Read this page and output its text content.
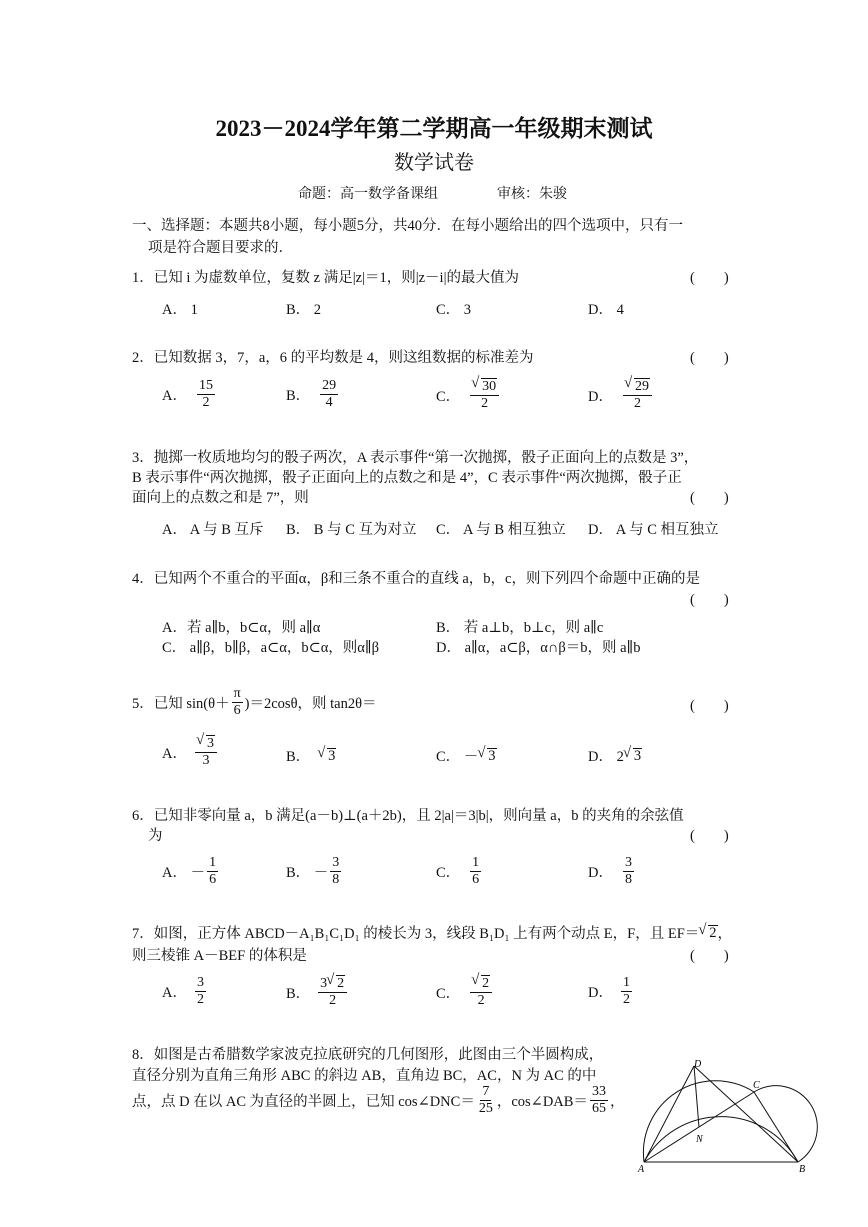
2023－2024学年第二学期高一年级期末测试
数学试卷
命题：高一数学备课组	审核：朱骏
一、选择题：本题共8小题，每小题5分，共40分．在每小题给出的四个选项中，只有一
项是符合题目要求的．
1．已知 i 为虚数单位，复数 z 满足|z|＝1，则|z－i|的最大值为	(　　)
A． 1	B． 2	C． 3	D． 4
2．已知数据 3，7，a，6 的平均数是 4，则这组数据的标准差为	(　　)
A． $\frac{15}{2}$	B． $\frac{29}{4}$	C． √ $\frac{30}{2}$	D． √ $\frac{29}{2}$
3．抛掷一枚质地均匀的骰子两次，A 表示事件“第一次抛掷，骰子正面向上的点数是 3”，
B 表示事件“两次抛掷，骰子正面向上的点数之和是 4”，C 表示事件“两次抛掷，骰子正
面向上的点数之和是 7”，则	(　　)
A． A 与 B 互斥 B． B 与 C 互为对立 C． A 与 B 相互独立 D． A 与 C 相互独立
4．已知两个不重合的平面α，β和三条不重合的直线 a，b，c，则下列四个命题中正确的是
(　　)
A．若 a∥b，b⊂α，则 a∥α	B． 若 a⊥b，b⊥c，则 a∥c
C． a∥β，b∥β，a⊂α，b⊂α，则α∥β	D． a∥α，a⊂β，α∩β＝b，则 a∥b
5．已知 $\sin(\theta+ \frac{\pi}{6} )=2\cos\theta$，则 tan2θ＝	(　　)
A． √ $\frac{3}{3}$	B． √ 3	C． － √ 3	D． 2 √ 3
6．已知非零向量 a，b 满足(a－b)⊥(a＋2b)，且 2|a|＝3|b|，则向量 a，b 的夹角的余弦值
为	(　　)
A． － $\frac{1}{6}$	B． － $\frac{3}{8}$	C． $\frac{1}{6}$	D． $\frac{3}{8}$
7．如图，正方体 ABCD－A₁B₁C₁D₁ 的棱长为 3，线段 B₁D₁ 上有两个动点 E，F，且 EF＝ √ 2 ，
则三棱锥 A－BEF 的体积是	(　　)
A． $\frac{3}{2}$	B． $\frac{3 √ 2}{2}$	C． √ $\frac{2}{2}$	D． $\frac{1}{2}$
8．如图是古希腊数学家波克拉底研究的几何图形，此图由三个半圆构成，
直径分别为直角三角形 ABC 的斜边 AB，直角边 BC，AC，N 为 AC 的中
点，点 D 在以 AC 为直径的半圆上，已知 cos∠DNC＝ $\frac{7}{25}$ ，cos∠DAB＝ $\frac{33}{65}$ ，
A	B
C
D
N
